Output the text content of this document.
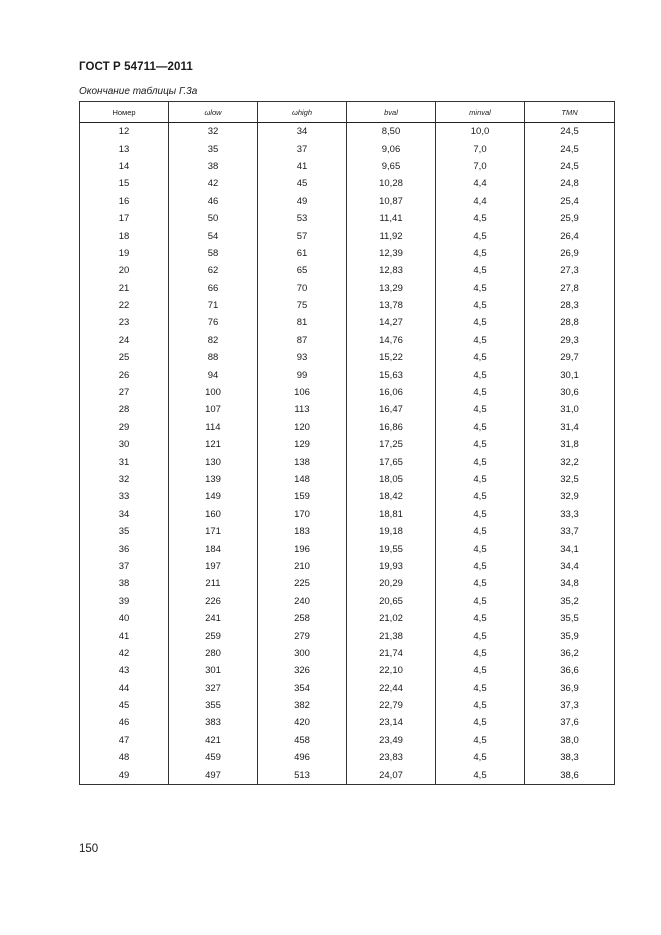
ГОСТ Р 54711—2011
Окончание таблицы Г.3а
Номер	ωlow	ωhigh	bval	minval	TMN
12	32	34	8,50	10,0	24,5
13	35	37	9,06	7,0	24,5
14	38	41	9,65	7,0	24,5
15	42	45	10,28	4,4	24,8
16	46	49	10,87	4,4	25,4
17	50	53	11,41	4,5	25,9
18	54	57	11,92	4,5	26,4
19	58	61	12,39	4,5	26,9
20	62	65	12,83	4,5	27,3
21	66	70	13,29	4,5	27,8
22	71	75	13,78	4,5	28,3
23	76	81	14,27	4,5	28,8
24	82	87	14,76	4,5	29,3
25	88	93	15,22	4,5	29,7
26	94	99	15,63	4,5	30,1
27	100	106	16,06	4,5	30,6
28	107	113	16,47	4,5	31,0
29	114	120	16,86	4,5	31,4
30	121	129	17,25	4,5	31,8
31	130	138	17,65	4,5	32,2
32	139	148	18,05	4,5	32,5
33	149	159	18,42	4,5	32,9
34	160	170	18,81	4,5	33,3
35	171	183	19,18	4,5	33,7
36	184	196	19,55	4,5	34,1
37	197	210	19,93	4,5	34,4
38	211	225	20,29	4,5	34,8
39	226	240	20,65	4,5	35,2
40	241	258	21,02	4,5	35,5
41	259	279	21,38	4,5	35,9
42	280	300	21,74	4,5	36,2
43	301	326	22,10	4,5	36,6
44	327	354	22,44	4,5	36,9
45	355	382	22,79	4,5	37,3
46	383	420	23,14	4,5	37,6
47	421	458	23,49	4,5	38,0
48	459	496	23,83	4,5	38,3
49	497	513	24,07	4,5	38,6
150
